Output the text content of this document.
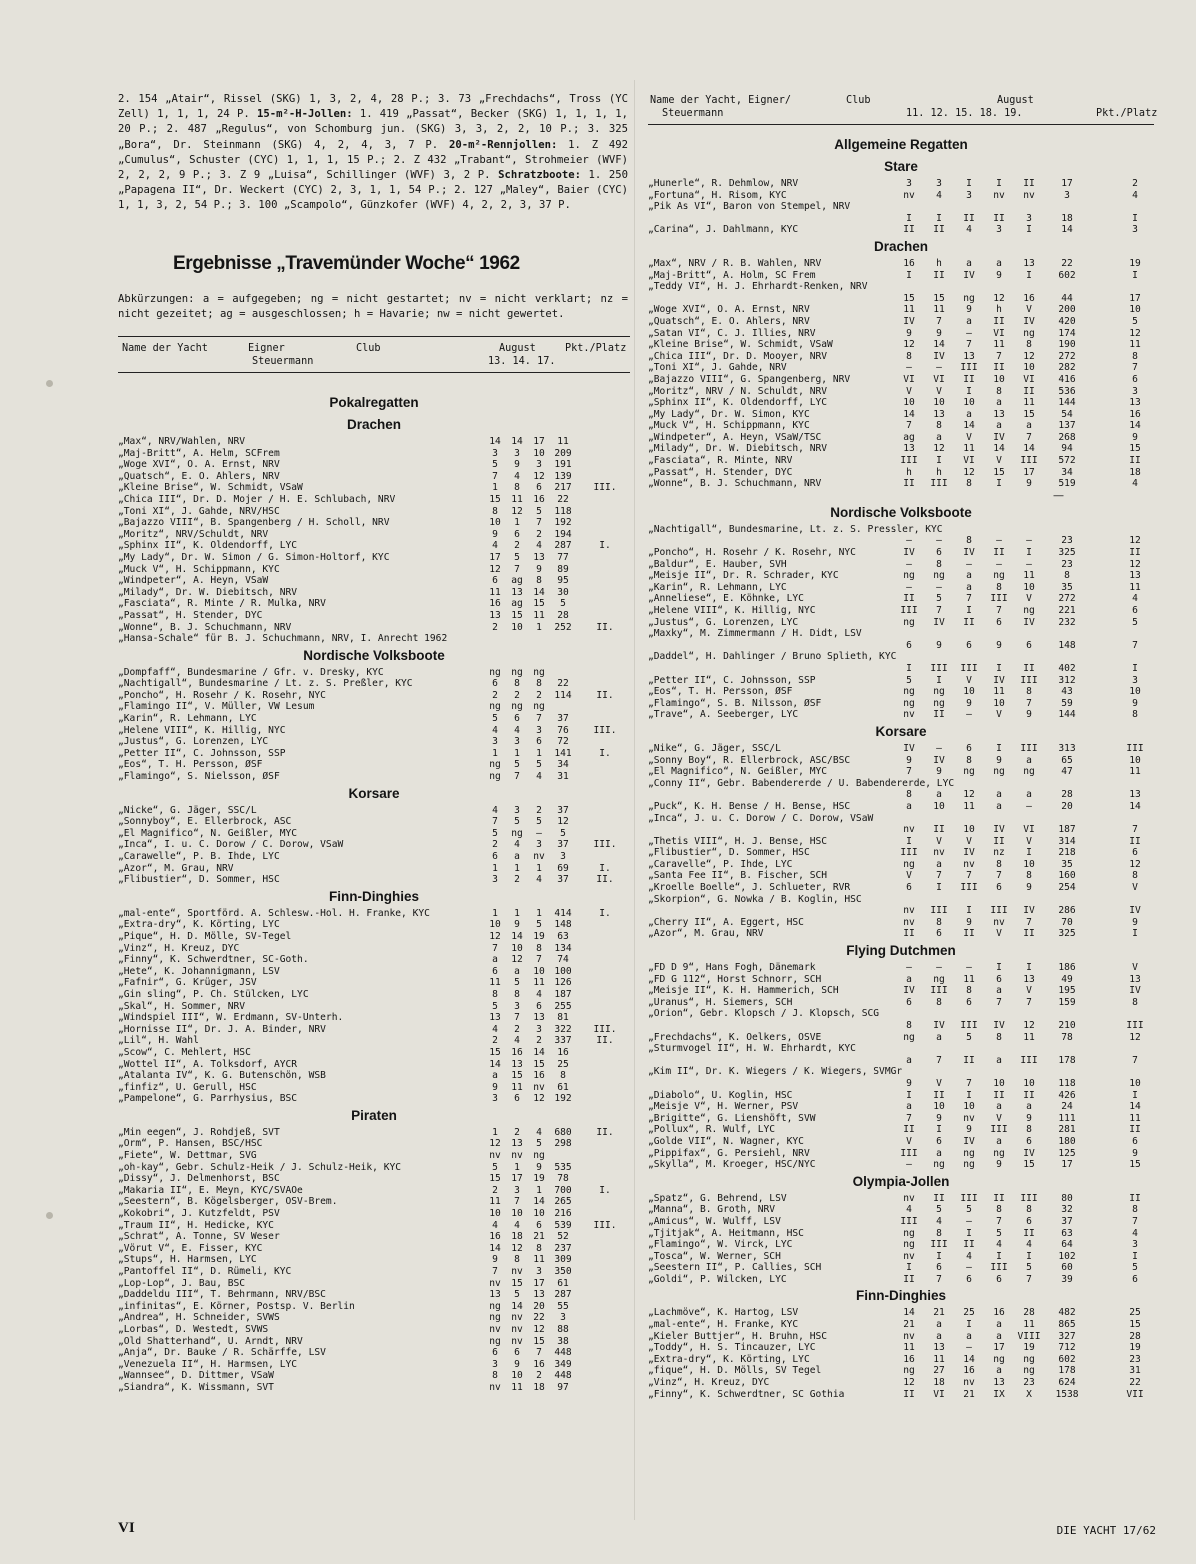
2. 154 „Atair“, Rissel (SKG) 1, 3, 2, 4, 28 P.; 3. 73 „Frechdachs“, Tross (YC Zell) 1, 1, 1, 24 P. 15-m²-H-Jollen: 1. 419 „Passat“, Becker (SKG) 1, 1, 1, 1, 20 P.; 2. 487 „Regulus“, von Schomburg jun. (SKG) 3, 3, 2, 2, 10 P.; 3. 325 „Bora“, Dr. Steinmann (SKG) 4, 2, 4, 3, 7 P. 20-m²-Rennjollen: 1. Z 492 „Cumulus“, Schuster (CYC) 1, 1, 1, 15 P.; 2. Z 432 „Trabant“, Strohmeier (WVF) 2, 2, 2, 9 P.; 3. Z 9 „Luisa“, Schillinger (WVF) 3, 2 P. Schratzboote: 1. 250 „Papagena II“, Dr. Weckert (CYC) 2, 3, 1, 1, 54 P.; 2. 127 „Maley“, Baier (CYC) 1, 1, 3, 2, 54 P.; 3. 100 „Scampolo“, Günzkofer (WVF) 4, 2, 2, 3, 37 P.
Ergebnisse „Travemünder Woche“ 1962
Abkürzungen: a = aufgegeben; ng = nicht gestartet; nv = nicht verklart; nz = nicht gezeitet; ag = ausgeschlossen; h = Havarie; nw = nicht gewertet.
Name der Yacht	Eigner
Steuermann
Club	August
13. 14. 17.
Pkt./Platz
Pokalregatten
Drachen
„Max“, NRV/Wahlen, NRV	14	14	17	11
„Maj-Britt“, A. Helm, SCFrem	3	3	10 209
„Woge XVI“, O. A. Ernst, NRV	5	9	3	191
„Quatsch“, E. O. Ahlers, NRV	7	4	12 139
„Kleine Brise“, W. Schmidt, VSaW	1	8	6	217	III.
„Chica III“, Dr. D. Mojer / H. E. Schlubach, NRV	15	11	16	22
„Toni XI“, J. Gahde, NRV/HSC	8	12	5	118
„Bajazzo VIII“, B. Spangenberg / H. Scholl, NRV	10	1	7	192
„Moritz“, NRV/Schuldt, NRV	9	6	2	194
„Sphinx II“, K. Oldendorff, LYC	4	2	4	287	I.
„My Lady“, Dr. W. Simon / G. Simon-Holtorf, KYC	17	5	13	77
„Muck V“, H. Schippmann, KYC	12	7	9	89
„Windpeter“, A. Heyn, VSaW	6	ag	8	95
„Milady“, Dr. W. Diebitsch, NRV	11	13	14	30
„Fasciata“, R. Minte / R. Mulka, NRV	16	ag	15	5
„Passat“, H. Stender, DYC	13	15	11	28
„Wonne“, B. J. Schuchmann, NRV	2	10	1	252	II.
„Hansa-Schale“ für B. J. Schuchmann, NRV, I. Anrecht 1962
Nordische Volksboote
„Dompfaff“, Bundesmarine / Gfr. v. Dresky, KYC	ng	ng	ng
„Nachtigall“, Bundesmarine / Lt. z. S. Preßler, KYC	6	8	8	22
„Poncho“, H. Rosehr / K. Rosehr, NYC	2	2	2	114	II.
„Flamingo II“, V. Müller, VW Lesum	ng	ng	ng
„Karin“, R. Lehmann, LYC	5	6	7	37
„Helene VIII“, K. Hillig, NYC	4	4	3	76	III.
„Justus“, G. Lorenzen, LYC	3	3	6	72
„Petter II“, C. Johnsson, SSP	1	1	1	141	I.
„Eos“, T. H. Persson, ØSF	ng	5	5	34
„Flamingo“, S. Nielsson, ØSF	ng	7	4	31
Korsare
„Nicke“, G. Jäger, SSC/L	4	3	2	37
„Sonnyboy“, E. Ellerbrock, ASC	7	5	5	12
„El Magnifico“, N. Geißler, MYC	5	ng	—	5
„Inca“, I. u. C. Dorow / C. Dorow, VSaW	2	4	3	37	III.
„Carawelle“, P. B. Ihde, LYC	6	a	nv	3
„Azor“, M. Grau, NRV	1	1	1	69	I.
„Flibustier“, D. Sommer, HSC	3	2	4	37	II.
Finn-Dinghies
„mal-ente“, Sportförd. A. Schlesw.-Hol. H. Franke, KYC	1	1	1	414	I.
„Extra-dry“, K. Körting, LYC	10	9	5	148
„Pique“, H. D. Mölle, SV-Tegel	12	14	19	63
„Vinz“, H. Kreuz, DYC	7	10	8	134
„Finny“, K. Schwerdtner, SC-Goth.	a	12	7	74
„Hete“, K. Johannigmann, LSV	6	a	10 100
„Fafnir“, G. Krüger, JSV	11	5	11 126
„Gin sling“, P. Ch. Stülcken, LYC	8	8	4	187
„Skal“, H. Sommer, NRV	5	3	6	255
„Windspiel III“, W. Erdmann, SV-Unterh.	13	7	13	81
„Hornisse II“, Dr. J. A. Binder, NRV	4	2	3	322	III.
„Lil“, H. Wahl	2	4	2	337	II.
„Scow“, C. Mehlert, HSC	15	16	14	16
„Wottel II“, A. Tolksdorf, AYCR	14	13	15	25
„Atalanta IV“, K. G. Butenschön, WSB	a	15	16	8
„finfiz“, U. Gerull, HSC	9	11	nv	61
„Pampelone“, G. Parrhysius, BSC	3	6	12 192
Piraten
„Min eegen“, J. Rohdjeß, SVT	1	2	4	680	II.
„Orm“, P. Hansen, BSC/HSC	12	13	5	298
„Fiete“, W. Dettmar, SVG	nv	nv	ng
„oh-kay“, Gebr. Schulz-Heik / J. Schulz-Heik, KYC	5	1	9	535
„Dissy“, J. Delmenhorst, BSC	15	17	19	78
„Makaria II“, E. Meyn, KYC/SVAOe	2	3	1	700	I.
„Seestern“, B. Kögelsberger, OSV-Brem.	11	7	14 265
„Kokobri“, J. Kutzfeldt, PSV	10	10	10 216
„Traum II“, H. Hedicke, KYC	4	4	6	539	III.
„Schrat“, A. Tonne, SV Weser	16	18	21	52
„Vörut V“, E. Fisser, KYC	14	12	8	237
„Stups“, H. Harmsen, LYC	9	8	11 309
„Pantoffel II“, D. Rümeli, KYC	7	nv	3	350
„Lop-Lop“, J. Bau, BSC	nv	15	17	61
„Daddeldu III“, T. Behrmann, NRV/BSC	13	5	13 287
„infinitas“, E. Körner, Postsp. V. Berlin	ng	14	20	55
„Andrea“, H. Schneider, SVWS	ng	nv	22	3
„Lorbas“, D. Westedt, SVWS	nv	nv	12	88
„Old Shatterhand“, U. Arndt, NRV	ng	nv	15	38
„Anja“, Dr. Bauke / R. Schärffe, LSV	6	6	7	448
„Venezuela II“, H. Harmsen, LYC	3	9	16 349
„Wannsee“, D. Dittmer, VSaW	8	10	2	448
„Siandra“, K. Wissmann, SVT	nv	11	18	97
Name der Yacht, Eigner/
Steuermann
Club	August
11. 12. 15. 18. 19.	Pkt./Platz
Allgemeine Regatten
Stare
„Hunerle“, R. Dehmlow, NRV	3	3	I	I	II	17	2
„Fortuna“, H. Risom, KYC	nv	4	3	nv	nv	3	4
„Pik As VI“, Baron von Stempel, NRV
I	I	II	II	3	18	I
„Carina“, J. Dahlmann, KYC	II	II	4	3	I	14	3
Drachen
„Max“, NRV / R. B. Wahlen, NRV	16	h	a	a	13	22	19
„Maj-Britt“, A. Holm, SC Frem	I	II	IV	9	I	602	I
„Teddy VI“, H. J. Ehrhardt-Renken, NRV
15	15	ng	12	16	44	17
„Woge XVI“, O. A. Ernst, NRV	11	11	9	h	V	200	10
„Quatsch“, E. O. Ahlers, NRV	IV	7	a	II	IV	420	5
„Satan VI“, C. J. Illies, NRV	9	9	—	VI	ng	174	12
„Kleine Brise“, W. Schmidt, VSaW	12	14	7	11	8	190	11
„Chica III“, Dr. D. Mooyer, NRV	8	IV	13	7	12	272	8
„Toni XI“, J. Gahde, NRV	—	—	III	II	10	282	7
„Bajazzo VIII“, G. Spangenberg, NRV	VI	VI	II	10	VI	416	6
„Moritz“, NRV / N. Schuldt, NRV	V	V	I	8	II	536	3
„Sphinx II“, K. Oldendorff, LYC	10	10	10	a	11	144	13
„My Lady“, Dr. W. Simon, KYC	14	13	a	13	15	54	16
„Muck V“, H. Schippmann, KYC	7	8	14	a	a	137	14
„Windpeter“, A. Heyn, VSaW/TSC	ag	a	V	IV	7	268	9
„Milady“, Dr. W. Diebitsch, NRV	13	12	11	14	14	94	15
„Fasciata“, R. Minte, NRV	III	I	VI	V	III	572	II
„Passat“, H. Stender, DYC	h	h	12	15	17	34	18
„Wonne“, B. J. Schuchmann, NRV	II	III	8	I	9	519	4
—
Nordische Volksboote
„Nachtigall“, Bundesmarine, Lt. z. S. Pressler, KYC
—	—	8	—	—	23	12
„Poncho“, H. Rosehr / K. Rosehr, NYC	IV	6	IV	II	I	325	II
„Baldur“, E. Hauber, SVH	—	8	—	—	—	23	12
„Meisje II“, Dr. R. Schrader, KYC	ng	ng	a	ng	11	8	13
„Karin“, R. Lehmann, LYC	—	—	a	8	10	35	11
„Anneliese“, E. Köhnke, LYC	II	5	7	III	V	272	4
„Helene VIII“, K. Hillig, NYC	III	7	I	7	ng	221	6
„Justus“, G. Lorenzen, LYC	ng	IV	II	6	IV	232	5
„Maxky“, M. Zimmermann / H. Didt, LSV
6	9	6	9	6	148	7
„Daddel“, H. Dahlinger / Bruno Splieth, KYC
I	III	III	I	II	402	I
„Petter II“, C. Johnsson, SSP	5	I	V	IV	III	312	3
„Eos“, T. H. Persson, ØSF	ng	ng	10	11	8	43	10
„Flamingo“, S. B. Nilsson, ØSF	ng	ng	9	10	7	59	9
„Trave“, A. Seeberger, LYC	nv	II	—	V	9	144	8
Korsare
„Nike“, G. Jäger, SSC/L	IV	—	6	I	III	313	III
„Sonny Boy“, R. Ellerbrock, ASC/BSC	9	IV	8	9	a	65	10
„El Magnifico“, N. Geißler, MYC	7	9	ng	ng	ng	47	11
„Conny II“, Gebr. Babendererde / U. Babendererde, LYC
8	a	12	a	a	28	13
„Puck“, K. H. Bense / H. Bense, HSC	a	10	11	a	—	20	14
„Inca“, J. u. C. Dorow / C. Dorow, VSaW
nv	II	10	IV	VI	187	7
„Thetis VIII“, H. J. Bense, HSC	I	V	V	II	V	314	II
„Flibustier“, D. Sommer, HSC	III	nv	IV	nz	I	218	6
„Caravelle“, P. Ihde, LYC	ng	a	nv	8	10	35	12
„Santa Fee II“, B. Fischer, SCH	V	7	7	7	8	160	8
„Kroelle Boelle“, J. Schlueter, RVR	6	I	III	6	9	254	V
„Skorpion“, G. Nowka / B. Koglin, HSC
nv	III	I	III	IV	286	IV
„Cherry II“, A. Eggert, HSC	nv	8	9	nv	7	70	9
„Azor“, M. Grau, NRV	II	6	II	V	II	325	I
Flying Dutchmen
„FD D 9“, Hans Fogh, Dänemark	—	—	—	I	I	186	V
„FD G 112“, Horst Schnorr, SCH	a	ng	11	6	13	49	13
„Meisje II“, K. H. Hammerich, SCH	IV	III	8	a	V	195	IV
„Uranus“, H. Siemers, SCH	6	8	6	7	7	159	8
„Orion“, Gebr. Klopsch / J. Klopsch, SCG
8	IV	III	IV	12	210	III
„Frechdachs“, K. Oelkers, OSVE	ng	a	5	8	11	78	12
„Sturmvogel II“, H. W. Ehrhardt, KYC
a	7	II	a	III	178	7
„Kim II“, Dr. K. Wiegers / K. Wiegers, SVMGr
9	V	7	10	10	118	10
„Diabolo“, U. Koglin, HSC	I	II	I	II	II	426	I
„Meisje V“, H. Werner, PSV	a	10	10	a	a	24	14
„Brigitte“, G. Lienshöft, SVW	7	9	nv	V	9	111	11
„Pollux“, R. Wulf, LYC	II	I	9	III	8	281	II
„Golde VII“, N. Wagner, KYC	V	6	IV	a	6	180	6
„Pippifax“, G. Persiehl, NRV	III	a	ng	ng	IV	125	9
„Skylla“, M. Kroeger, HSC/NYC	—	ng	ng	9	15	17	15
Olympia-Jollen
„Spatz“, G. Behrend, LSV	nv	II	III	II	III	80	II
„Manna“, B. Groth, NRV	4	5	5	8	8	32	8
„Amicus“, W. Wulff, LSV	III	4	—	7	6	37	7
„Tjitjak“, A. Heitmann, HSC	ng	8	I	5	II	63	4
„Flamingo“, W. Virck, LYC	ng	III	II	4	4	64	3
„Tosca“, W. Werner, SCH	nv	I	4	I	I	102	I
„Seestern II“, P. Callies, SCH	I	6	—	III	5	60	5
„Goldi“, P. Wilcken, LYC	II	7	6	6	7	39	6
Finn-Dinghies
„Lachmöve“, K. Hartog, LSV	14	21	25	16	28	482	25
„mal-ente“, H. Franke, KYC	21	a	I	a	11	865	15
„Kieler Buttjer“, H. Bruhn, HSC	nv	a	a	a	VIII	327	28
„Toddy“, H. S. Tincauzer, LYC	11	13	—	17	19	712	19
„Extra-dry“, K. Körting, LYC	16	11	14	ng	ng	602	23
„fique“, H. D. Mölls, SV Tegel	ng	27	16	a	ng	178	31
„Vinz“, H. Kreuz, DYC	12	18	nv	13	23	624	22
„Finny“, K. Schwerdtner, SC Gothia	II	VI	21	IX	X	1538	VII
VI	DIE YACHT 17/62
